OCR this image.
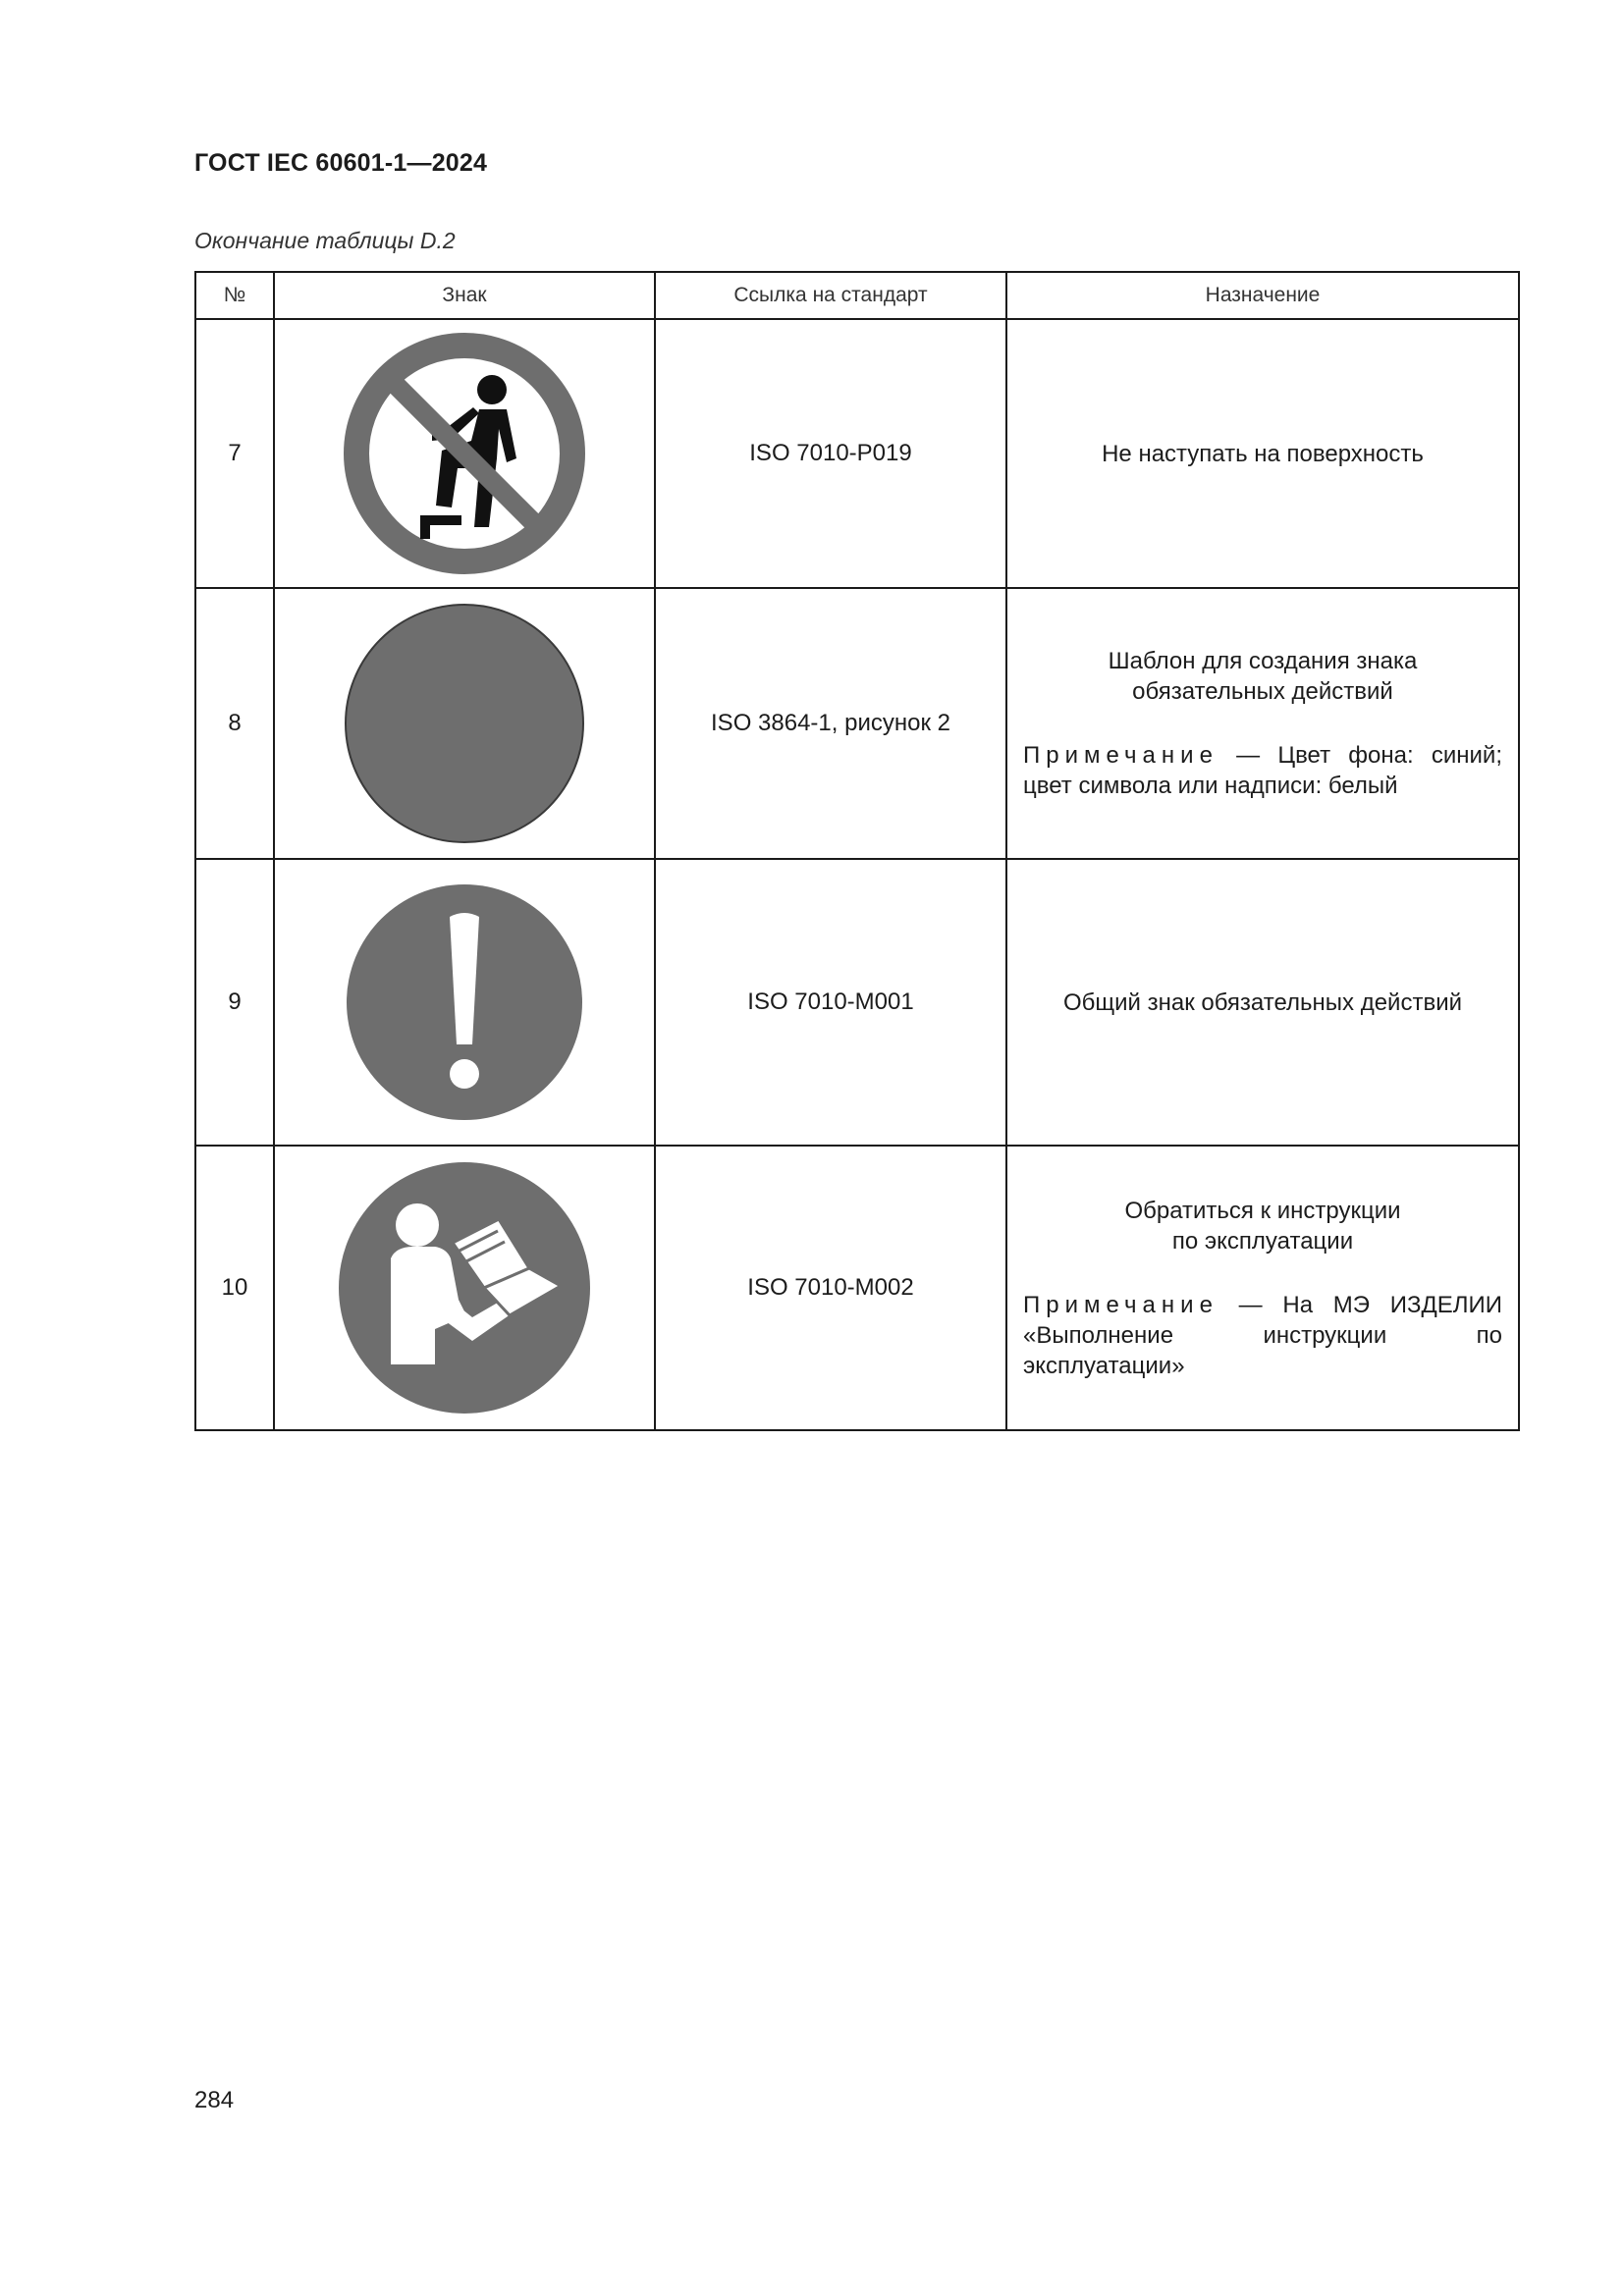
ГОСТ IEC 60601-1—2024
Окончание таблицы D.2
№	Знак	Ссылка на стандарт	Назначение
7		ISO 7010-P019	Не наступать на поверхность

8		ISO 3864-1, рисунок 2	Шаблон для создания знака
обязательных действий
Примечание — Цвет фона: синий; цвет символа или надписи: белый

9		ISO 7010-M001	Общий знак обязательных действий

10		ISO 7010-M002	Обратиться к инструкции
по эксплуатации
Примечание — На МЭ ИЗДЕЛИИ «Выполнение инструкции по эксплуатации»
284
